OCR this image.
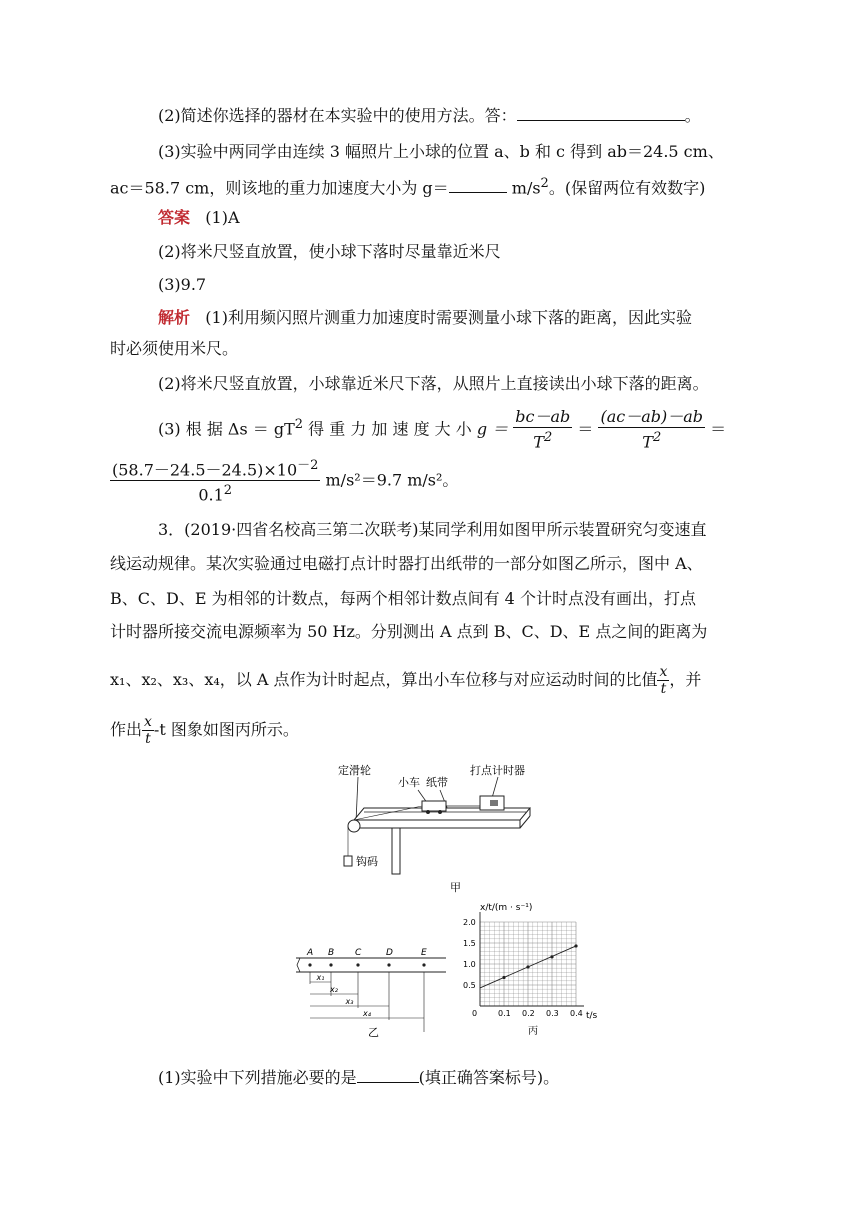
(2)简述你选择的器材在本实验中的使用方法。答：	。
(3)实验中两同学由连续 3 幅照片上小球的位置 a、b 和 c 得到 ab＝24.5 cm、
ac＝58.7 cm，则该地的重力加速度大小为 g＝	$m/s^2$。(保留两位有效数字)
答案 (1)A
(2)将米尺竖直放置，使小球下落时尽量靠近米尺
(3)9.7
解析 (1)利用频闪照片测重力加速度时需要测量小球下落的距离，因此实验
时必须使用米尺。
(2)将米尺竖直放置，小球靠近米尺下落，从照片上直接读出小球下落的距离。
(3) 根 据 $\Delta s = gT^2$ 得 重 力 加 速 度 大 小 $g = \frac{bc-ab}{T^2} = \frac{(ac-ab)-ab}{T^2}$ ＝
$\frac{(58.7-24.5-24.5)\times 10^{-2}}{0.1^2} m/s^2=9.7$ m/s²。
3．(2019·四省名校高三第二次联考)某同学利用如图甲所示装置研究匀变速直
线运动规律。某次实验通过电磁打点计时器打出纸带的一部分如图乙所示，图中 A、
B、C、D、E 为相邻的计数点，每两个相邻计数点间有 4 个计时点没有画出，打点
计时器所接交流电源频率为 50 Hz。分别测出 A 点到 B、C、D、E 点之间的距离为
x₁、x₂、x₃、x₄，以 A 点作为计时起点，算出小车位移与对应运动时间的比值 $\frac{x}{t}$ ，并
作出 $\frac{x}{t} -t$ 图象如图丙所示。
定滑轮
小车 纸带
打点计时器
钩码
甲
A B C	D	E
x₁
x₂
x₃
x₄
乙
0	0.1 0.2 0.3 0.4
0.5
1.0
1.5
2.0
x/t/(m · s⁻¹)
t/s
丙
(1)实验中下列措施必要的是	(填正确答案标号)。
